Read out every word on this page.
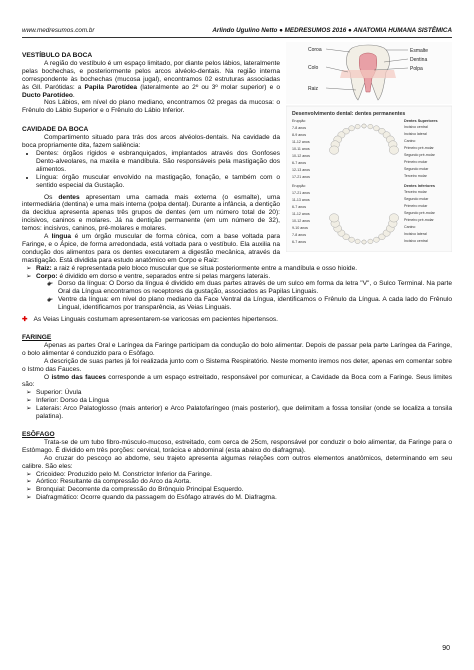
www.medresumos.com.br	Arlindo Ugulino Netto ● MEDRESUMOS 2016 ● ANATOMIA HUMANA SISTÊMICA
Coroa
Colo
Raiz
Esmalte
Dentina
Polpa
Desenvolvimento dental: dentes permanentes
Dentes Superiores
Dentes Inferiores
Erupção
7-8 anos
8-9 anos
11-12 anos
10-11 anos
10-12 anos
6-7 anos
12-13 anos
17-21 anos
Incisivo central
Incisivo lateral
Canino
Primeiro pré-molar
Segundo pré-molar
Primeiro molar
Segundo molar
Terceiro molar
Erupção
17-21 anos
11-13 anos
6-7 anos
11-12 anos
10-12 anos
9-10 anos
7-8 anos
6-7 anos
Terceiro molar
Segundo molar
Primeiro molar
Segundo pré-molar
Primeiro pré-molar
Canino
Incisivo lateral
Incisivo central

VESTÍBULO DA BOCA

A região do vestíbulo é um espaço limitado, por diante pelos lábios, lateralmente pelas bochechas, e posteriormente pelos arcos alvéolo-dentais. Na região interna correspondente às bochechas (mucosa jugal), encontramos 02 estruturas associadas às Gll. Parótidas: a Papila Parotídea (lateralmente ao 2º ou 3º molar superior) e o Ducto Parotídeo.

Nos Lábios, em nível do plano mediano, encontramos 02 pregas da mucosa: o Frênulo do Lábio Superior e o Frênulo do Lábio Inferior.

CAVIDADE DA BOCA

Compartimento situado para trás dos arcos alvéolos-dentais. Na cavidade da boca propriamente dita, fazem saliência:

• Dentes: órgãos rígidos e esbranquiçados, implantados através dos Gonfoses Dento-alveolares, na maxila e mandíbula. São responsáveis pela mastigação dos alimentos.
• Língua: órgão muscular envolvido na mastigação, fonação, e também com o sentido especial da Gustação.

Os dentes apresentam uma camada mais externa (o esmalte), uma intermediária (dentina) e uma mais interna (polpa dental). Durante a infância, a dentição da decídua apresenta apenas três grupos de dentes (em um número total de 20): incisivos, caninos e molares. Já na dentição permanente (em um número de 32), temos: incisivos, caninos, pré-molares e molares.

A língua é um órgão muscular de forma cônica, com a base voltada para Faringe, e o Ápice, de forma arredondada, está voltada para o vestíbulo. Ela auxilia na condução dos alimentos para os dentes executarem a digestão mecânica, através da mastigação. Está dividida para estudo anatômico em Corpo e Raiz:

➢ Raiz: a raiz é representada pelo bloco muscular que se situa posteriormente entre a mandíbula e osso hioide.
➢ Corpo: é dividido em dorso e ventre, separados entre si pelas margens laterais.
➢ ◦ Dorso da língua: O Dorso da língua é dividido em duas partes através de um sulco em forma da letra "V", o Sulco Terminal. Na parte Oral da Língua encontramos os receptores da gustação, associados as Papilas Linguais.
➢ ◦ Ventre da língua: em nível do plano mediano da Face Ventral da Língua, identificamos o Frênulo da Língua. A cada lado do Frênulo Lingual, identificamos por transparência, as Veias Linguais.

✚ As Veias Linguais costumam apresentarem-se varicosas em pacientes hipertensos.

FARINGE

Apenas as partes Oral e Laríngea da Faringe participam da condução do bolo alimentar. Depois de passar pela parte Laríngea da Faringe, o bolo alimentar é conduzido para o Esôfago.

A descrição de suas partes já foi realizada junto com o Sistema Respiratório. Neste momento iremos nos deter, apenas em comentar sobre o Istmo das Fauces.

O istmo das fauces corresponde a um espaço estreitado, responsável por comunicar, a Cavidade da Boca com a Faringe. Seus limites são:

➢ Superior: Úvula
➢ Inferior: Dorso da Língua
➢ Laterais: Arco Palatoglosso (mais anterior) e Arco Palatofaríngeo (mais posterior), que delimitam a fossa tonsilar (onde se localiza a tonsila palatina).

ESÔFAGO

Trata-se de um tubo fibro-músculo-mucoso, estreitado, com cerca de 25cm, responsável por conduzir o bolo alimentar, da Faringe para o Estômago. É dividido em três porções: cervical, torácica e abdominal (esta abaixo do diafragma).

Ao cruzar do pescoço ao abdome, seu trajeto apresenta algumas relações com outros elementos anatômicos, determinando em seu calibre. São eles:

➢ Cricoideo: Produzido pelo M. Constrictor Inferior da Faringe.
➢ Aórtico: Resultante da compressão do Arco da Aorta.
➢ Bronquial: Decorrente da compressão do Brônquio Principal Esquerdo.
➢ Diafragmático: Ocorre quando da passagem do Esôfago através do M. Diafragma.
90
